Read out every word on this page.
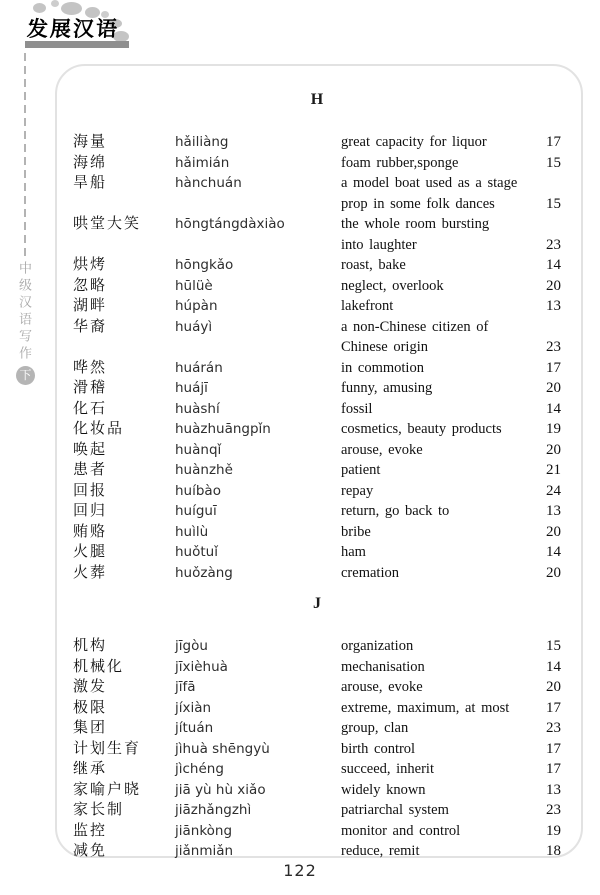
发展汉语
中级汉语写作
下
H
海量	hǎiliàng	great capacity for liquor	17
海绵	hǎimián	foam rubber,sponge	15
旱船	hànchuán	a model boat used as a stage
prop in some folk dances	15
哄堂大笑	hōngtángdàxiào	the whole room bursting
into laughter	23
烘烤	hōngkǎo	roast, bake	14
忽略	hūlüè	neglect, overlook	20
湖畔	húpàn	lakefront	13
华裔	huáyì	a non-Chinese citizen of
Chinese origin	23
哗然	huárán	in commotion	17
滑稽	huájī	funny, amusing	20
化石	huàshí	fossil	14
化妆品	huàzhuāngpǐn	cosmetics, beauty products	19
唤起	huànqǐ	arouse, evoke	20
患者	huànzhě	patient	21
回报	huíbào	repay	24
回归	huíguī	return, go back to	13
贿赂	huìlù	bribe	20
火腿	huǒtuǐ	ham	14
火葬	huǒzàng	cremation	20
J
机构	jīgòu	organization	15
机械化	jīxièhuà	mechanisation	14
激发	jīfā	arouse, evoke	20
极限	jíxiàn	extreme, maximum, at most	17
集团	jítuán	group, clan	23
计划生育	jìhuà shēngyù	birth control	17
继承	jìchéng	succeed, inherit	17
家喻户晓	jiā yù hù xiǎo	widely known	13
家长制	jiāzhǎngzhì	patriarchal system	23
监控	jiānkòng	monitor and control	19
减免	jiǎnmiǎn	reduce, remit	18
122
